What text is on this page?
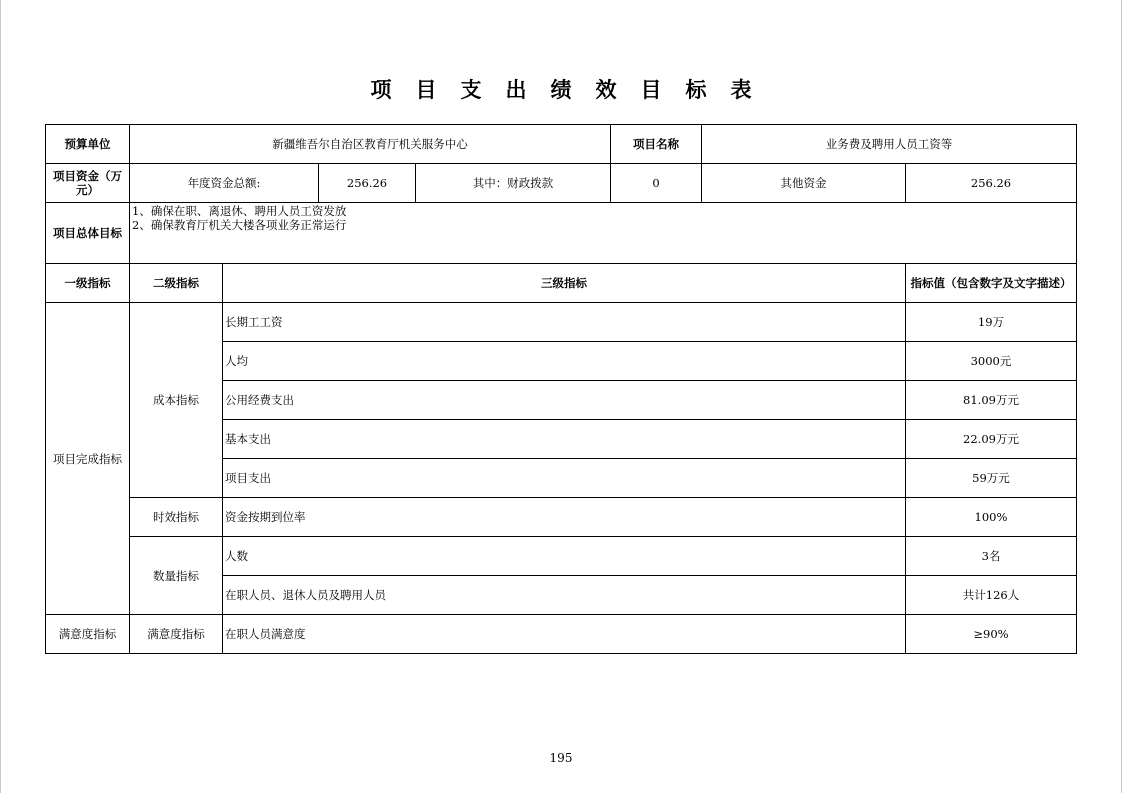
项目支出绩效目标表
预算单位	新疆维吾尔自治区教育厅机关服务中心				项目名称	业务费及聘用人员工资等	
项目资金（万元）	年度资金总额:		256.26	其中：财政拨款	0	其他资金	256.26
项目总体目标	1、确保在职、离退休、聘用人员工资发放
2、确保教育厅机关大楼各项业务正常运行						

一级指标	二级指标	三级指标					指标值（包含数字及文字描述）
项目完成指标	成本指标	长期工工资					19万
		人均					3000元
		公用经费支出					81.09万元
		基本支出					22.09万元
		项目支出					59万元
	时效指标	资金按期到位率					100%
	数量指标	人数					3名
		在职人员、退休人员及聘用人员					共计126人
满意度指标	满意度指标	在职人员满意度					≥90%
195
